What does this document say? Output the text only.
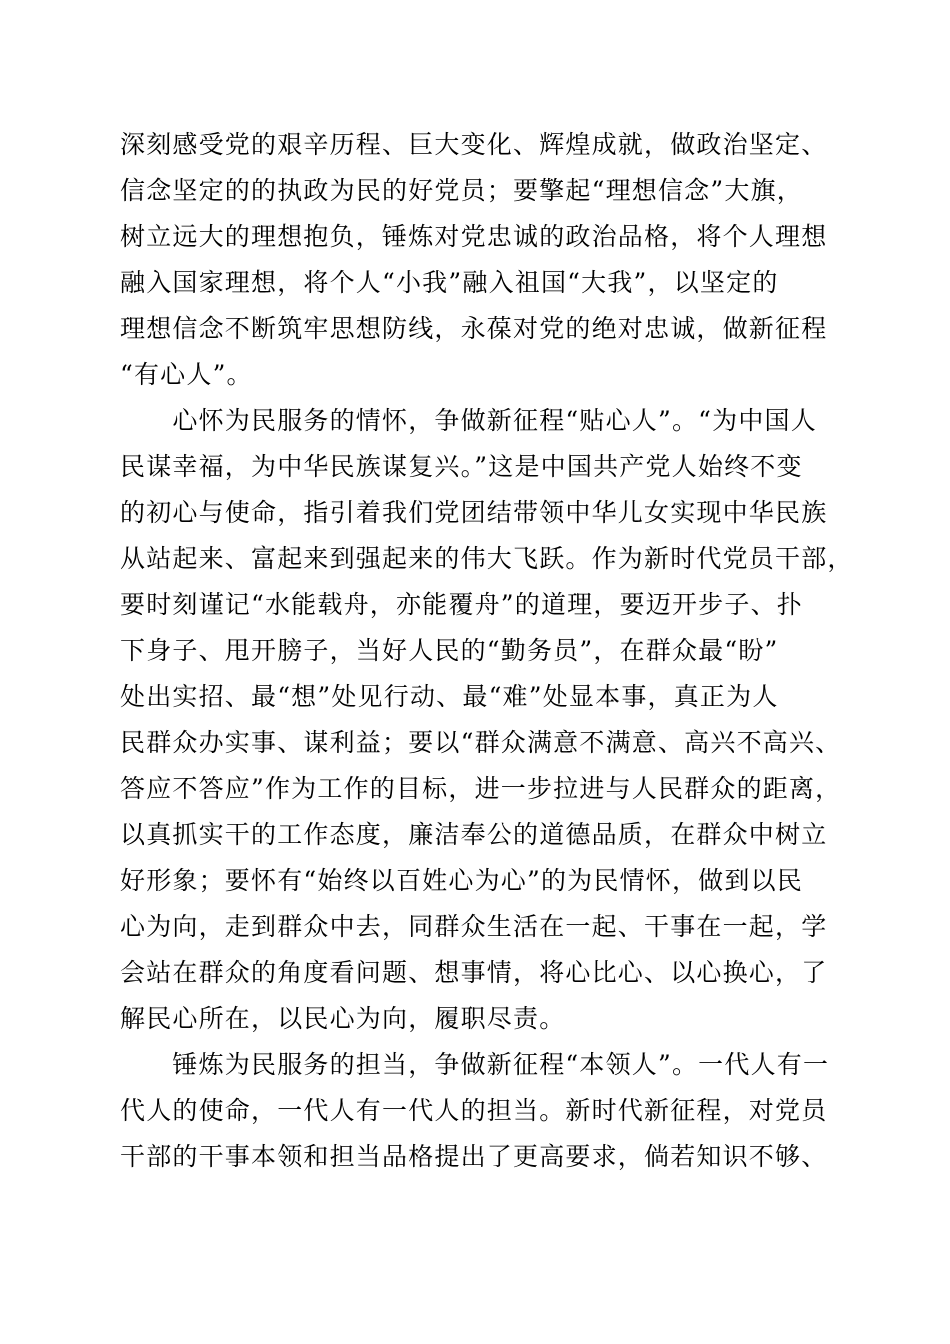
深刻感受党的艰辛历程、巨大变化、辉煌成就，做政治坚定、
信念坚定的的执政为民的好党员；要擎起“理想信念”大旗，
树立远大的理想抱负，锤炼对党忠诚的政治品格，将个人理想
融入国家理想，将个人“小我”融入祖国“大我”，以坚定的
理想信念不断筑牢思想防线，永葆对党的绝对忠诚，做新征程
“有心人”。
　　心怀为民服务的情怀，争做新征程“贴心人”。“为中国人
民谋幸福，为中华民族谋复兴。”这是中国共产党人始终不变
的初心与使命，指引着我们党团结带领中华儿女实现中华民族
从站起来、富起来到强起来的伟大飞跃。作为新时代党员干部，
要时刻谨记“水能载舟，亦能覆舟”的道理，要迈开步子、扑
下身子、甩开膀子，当好人民的“勤务员”，在群众最“盼”
处出实招、最“想”处见行动、最“难”处显本事，真正为人
民群众办实事、谋利益；要以“群众满意不满意、高兴不高兴、
答应不答应”作为工作的目标，进一步拉进与人民群众的距离，
以真抓实干的工作态度，廉洁奉公的道德品质，在群众中树立
好形象；要怀有“始终以百姓心为心”的为民情怀，做到以民
心为向，走到群众中去，同群众生活在一起、干事在一起，学
会站在群众的角度看问题、想事情，将心比心、以心换心，了
解民心所在，以民心为向，履职尽责。
　　锤炼为民服务的担当，争做新征程“本领人”。一代人有一
代人的使命，一代人有一代人的担当。新时代新征程，对党员
干部的干事本领和担当品格提出了更高要求，倘若知识不够、
